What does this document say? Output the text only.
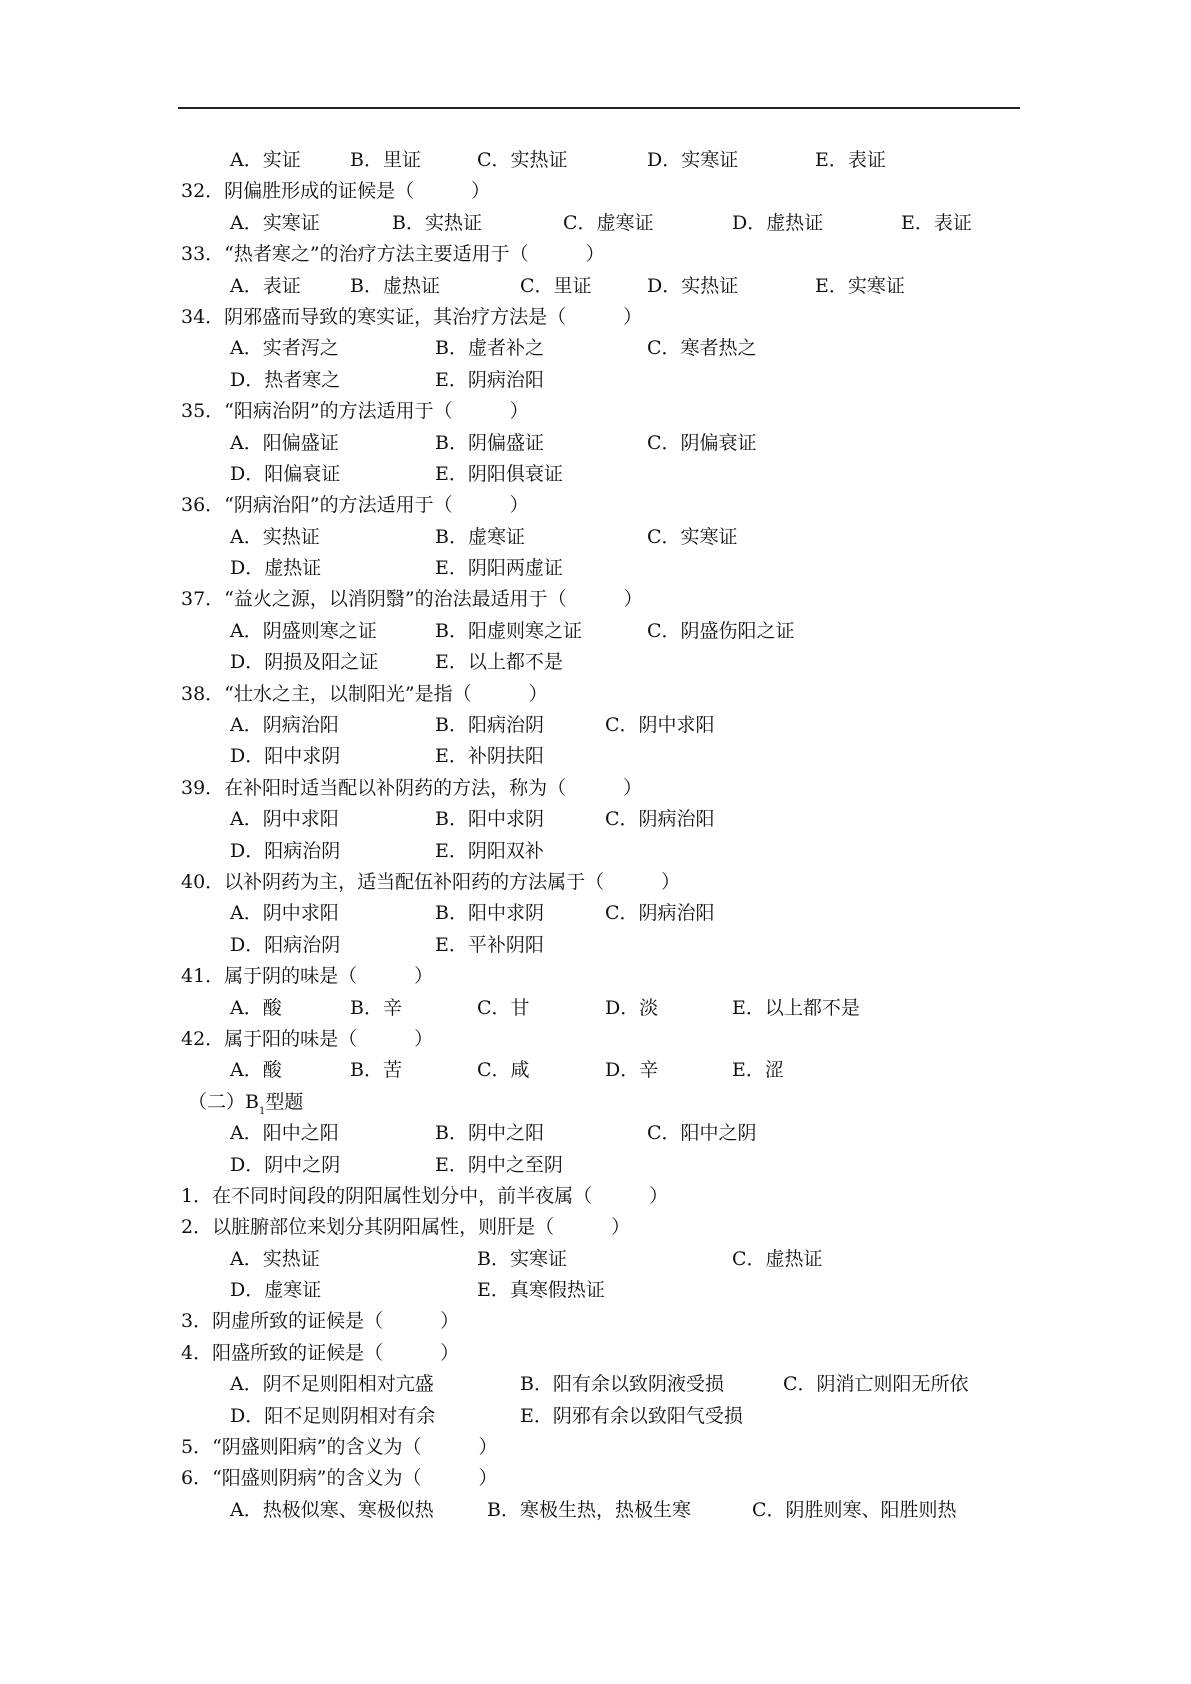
A．实证	B．里证	C．实热证	D．实寒证	E．表证
32．阴偏胜形成的证候是（　　　）
A．实寒证	B．实热证	C．虚寒证	D．虚热证	E．表证
33．“热者寒之”的治疗方法主要适用于（　　　）
A．表证	B．虚热证	C．里证	D．实热证	E．实寒证
34．阴邪盛而导致的寒实证，其治疗方法是（　　　）
A．实者泻之	B．虚者补之	C．寒者热之
D．热者寒之	E．阴病治阳
35．“阳病治阴”的方法适用于（　　　）
A．阳偏盛证	B．阴偏盛证	C．阴偏衰证
D．阳偏衰证	E．阴阳俱衰证
36．“阴病治阳”的方法适用于（　　　）
A．实热证	B．虚寒证	C．实寒证
D．虚热证	E．阴阳两虚证
37．“益火之源，以消阴翳”的治法最适用于（　　　）
A．阴盛则寒之证	B．阳虚则寒之证	C．阴盛伤阳之证
D．阴损及阳之证	E．以上都不是
38．“壮水之主，以制阳光”是指（　　　）
A．阴病治阳	B．阳病治阴	C．阴中求阳
D．阳中求阴	E．补阴扶阳
39．在补阳时适当配以补阴药的方法，称为（　　　）
A．阴中求阳	B．阳中求阴	C．阴病治阳
D．阳病治阴	E．阴阳双补
40．以补阴药为主，适当配伍补阳药的方法属于（　　　）
A．阴中求阳	B．阳中求阴	C．阴病治阳
D．阳病治阴	E．平补阴阳
41．属于阴的味是（　　　）
A．酸	B．辛	C．甘	D．淡	E．以上都不是
42．属于阳的味是（　　　）
A．酸	B．苦	C．咸	D．辛	E．涩
（二）$B_1$型题
A．阳中之阳	B．阴中之阳	C．阳中之阴
D．阴中之阴	E．阴中之至阴
1．在不同时间段的阴阳属性划分中，前半夜属（　　　）
2．以脏腑部位来划分其阴阳属性，则肝是（　　　）
A．实热证	B．实寒证	C．虚热证
D．虚寒证	E．真寒假热证
3．阴虚所致的证候是（　　　）
4．阳盛所致的证候是（　　　）
A．阴不足则阳相对亢盛	B．阳有余以致阴液受损	C．阴消亡则阳无所依
D．阳不足则阴相对有余	E．阴邪有余以致阳气受损
5．“阴盛则阳病”的含义为（　　　）
6．“阳盛则阴病”的含义为（　　　）
A．热极似寒、寒极似热	B．寒极生热，热极生寒	C．阴胜则寒、阳胜则热
